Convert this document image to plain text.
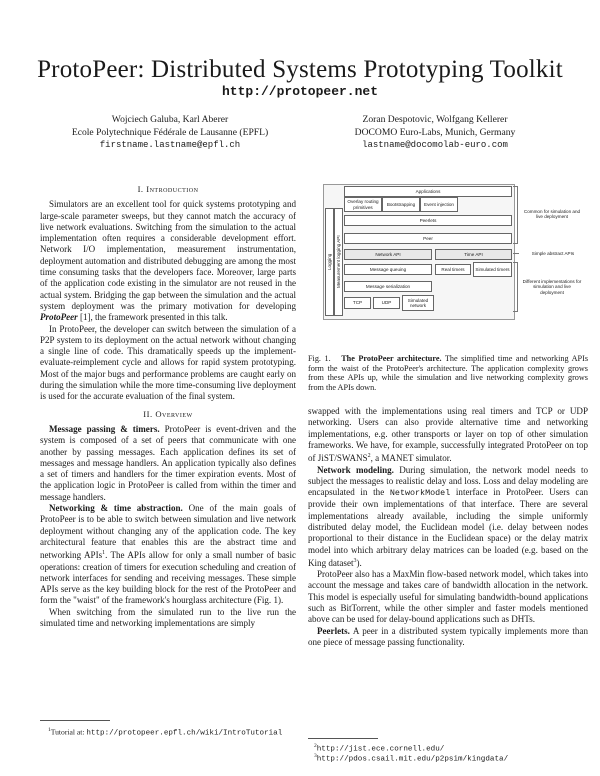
ProtoPeer: Distributed Systems Prototyping Toolkit
http://protopeer.net
Wojciech Galuba, Karl Aberer
Ecole Polytechnique Fédérale de Lausanne (EPFL)
firstname.lastname@epfl.ch
Zoran Despotovic, Wolfgang Kellerer
DOCOMO Euro-Labs, Munich, Germany
lastname@docomolab-euro.com
I. Introduction

Simulators are an excellent tool for quick systems prototyping and large-scale parameter sweeps, but they cannot match the accuracy of live network evaluations. Switching from the simulation to the actual implementation often requires a considerable development effort. Network I/O implementation, measurement instrumentation, deployment automation and distributed debugging are among the most time consuming tasks that the developers face. Moreover, large parts of the application code existing in the simulator are not reused in the actual system. Bridging the gap between the simulation and the actual system deployment was the primary motivation for developing ProtoPeer [1], the framework presented in this talk.

In ProtoPeer, the developer can switch between the simulation of a P2P system to its deployment on the actual network without changing a single line of code. This dramatically speeds up the implement-evaluate-reimplement cycle and allows for rapid system prototyping. Most of the major bugs and performance problems are caught early on during the simulation while the more time-consuming live deployment is used for the accurate evaluation of the final system.

II. Overview

Message passing & timers. ProtoPeer is event-driven and the system is composed of a set of peers that communicate with one another by passing messages. Each application defines its set of messages and message handlers. An application typically also defines a set of timers and handlers for the timer expiration events. Most of the application logic in ProtoPeer is called from within the timer and message handlers.

Networking & time abstraction. One of the main goals of ProtoPeer is to be able to switch between simulation and live network deployment without changing any of the application code. The key architectural feature that enables this are the abstract time and networking APIs$^1$. The APIs allow for only a small number of basic operations: creation of timers for execution scheduling and creation of network interfaces for sending and receiving messages. These simple APIs serve as the key building block for the rest of the ProtoPeer and form the "waist" of the framework's hourglass architecture (Fig. 1).

When switching from the simulated run to the live run the simulated time and networking implementations are simply

$^1$Tutorial at: http://protopeer.epfl.ch/wiki/IntroTutorial
Logging Measurement logging API
Applications
Overlay routing primitives
Bootstrapping	Event injection
Peerlets
Peer
Network API	Time API
Message queuing	Real timers	Simulated timers
Message serialization
TCP	UDP
Simulated network
Common for simulation and live deployment
Simple abstract APIs
Different implementations for simulation and live deployment
Fig. 1. The ProtoPeer architecture. The simplified time and networking APIs form the waist of the ProtoPeer's architecture. The application complexity grows from these APIs up, while the simulation and live networking complexity grows from the APIs down.

swapped with the implementations using real timers and TCP or UDP networking. Users can also provide alternative time and networking implementations, e.g. other transports or layer on top of other simulation frameworks. We have, for example, successfully integrated ProtoPeer on top of JiST/SWANS$^2$, a MANET simulator.

Network modeling. During simulation, the network model needs to subject the messages to realistic delay and loss. Loss and delay modeling are encapsulated in the NetworkModel interface in ProtoPeer. Users can provide their own implementations of that interface. There are several implementations already available, including the simple uniformly distributed delay model, the Euclidean model (i.e. delay between nodes proportional to their distance in the Euclidean space) or the delay matrix model into which arbitrary delay matrices can be loaded (e.g. based on the King dataset$^3$).

ProtoPeer also has a MaxMin flow-based network model, which takes into account the message and takes care of bandwidth allocation in the network. This model is especially useful for simulating bandwidth-bound applications such as BitTorrent, while the other simpler and faster models mentioned above can be used for delay-bound applications such as DHTs.

Peerlets. A peer in a distributed system typically implements more than one piece of message passing functionality.

$^2$http://jist.ece.cornell.edu/
$^3$http://pdos.csail.mit.edu/p2psim/kingdata/
